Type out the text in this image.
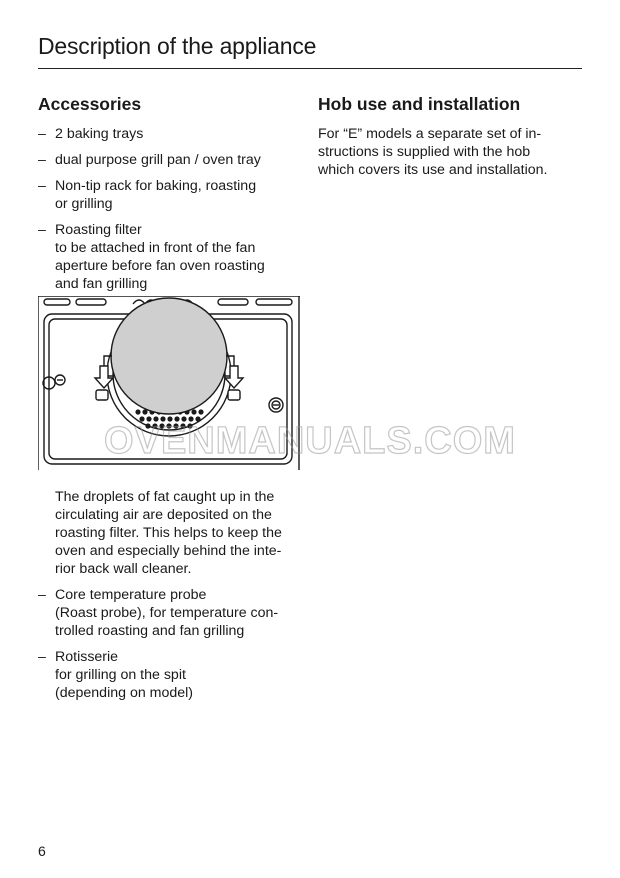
Description of the appliance
Accessories
– 2 baking trays
– dual purpose grill pan / oven tray
– Non-tip rack for baking, roasting
or grilling
– Roasting filter
to be attached in front of the fan
aperture before fan oven roasting
and fan grilling
The droplets of fat caught up in the
circulating air are deposited on the
roasting filter. This helps to keep the
oven and especially behind the inte-
rior back wall cleaner.
– Core temperature probe
(Roast probe), for temperature con-
trolled roasting and fan grilling
– Rotisserie
for grilling on the spit
(depending on model)
Hob use and installation
For “E” models a separate set of in-
structions is supplied with the hob
which covers its use and installation.
OVENMANUALS.COM
6
